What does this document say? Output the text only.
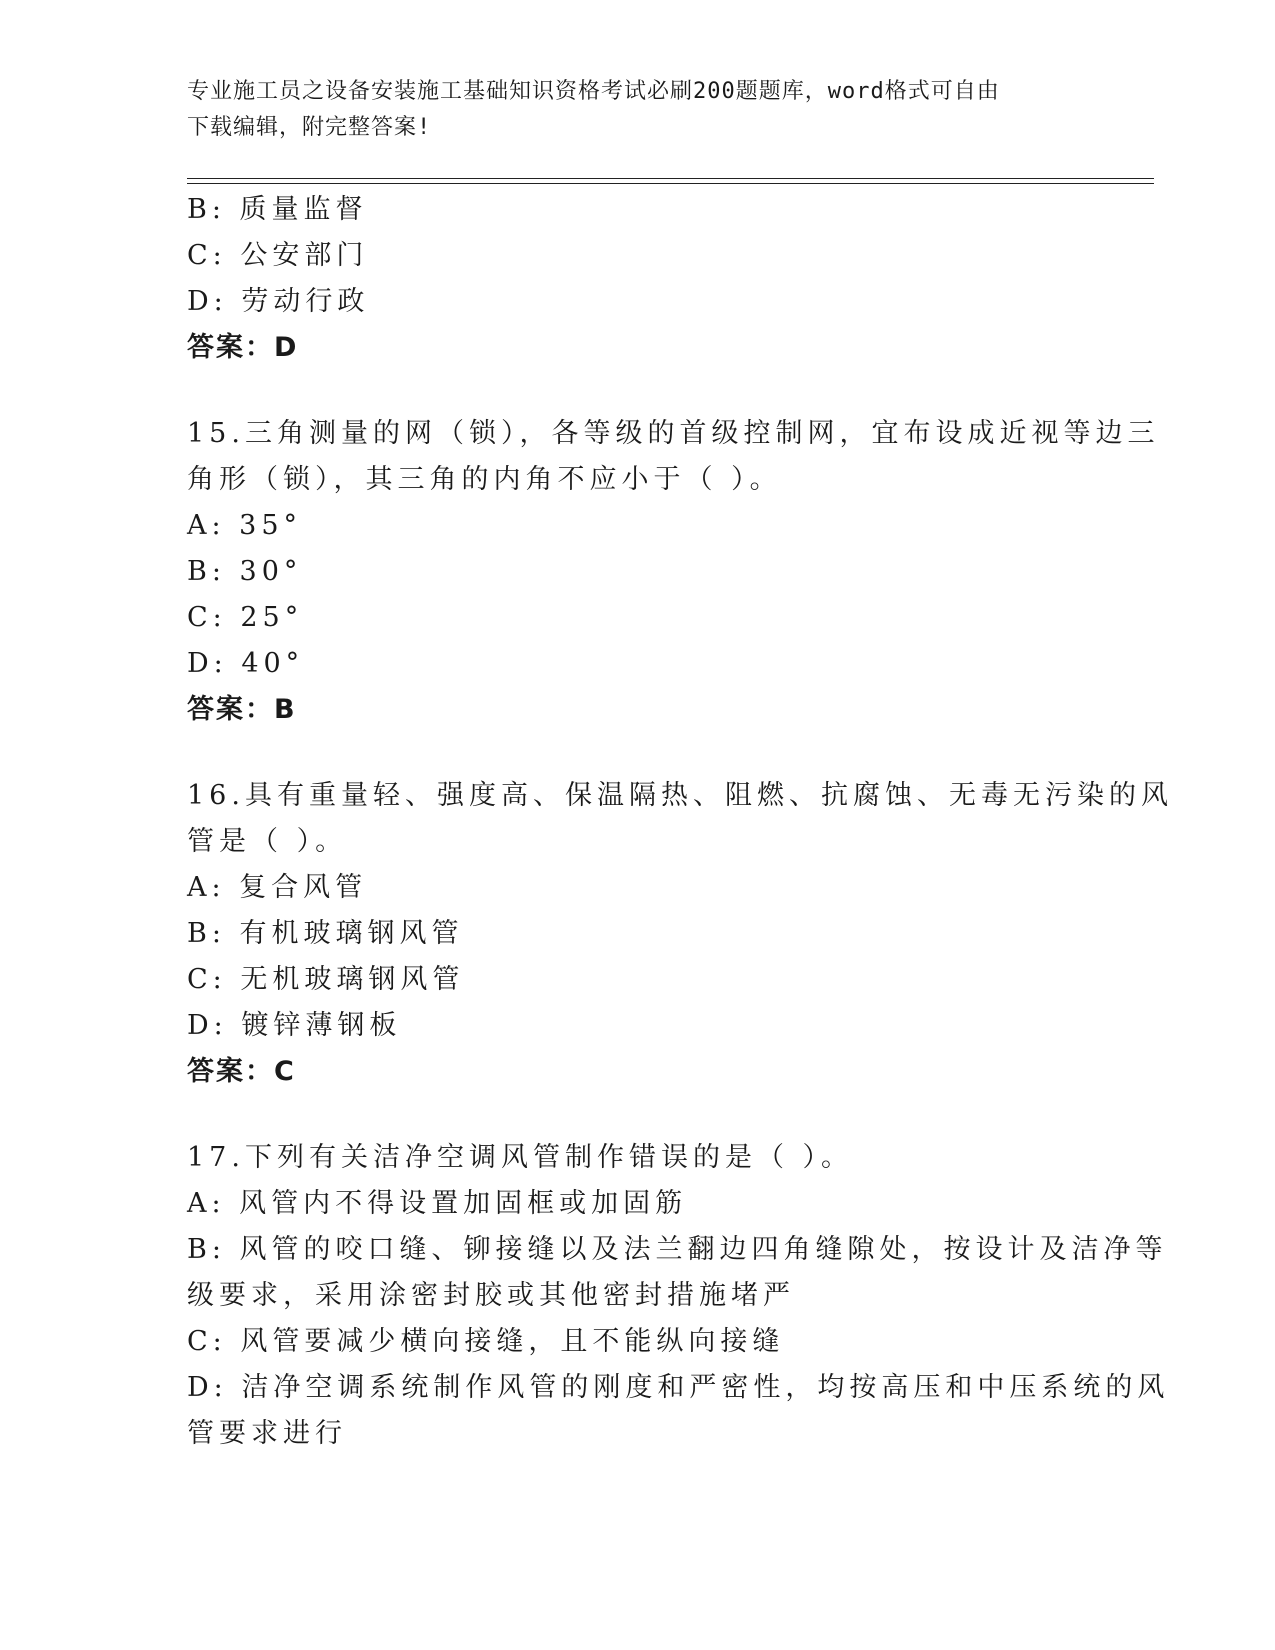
专业施工员之设备安装施工基础知识资格考试必刷200题题库，word格式可自由
下载编辑，附完整答案!
B: 质量监督
C: 公安部门
D: 劳动行政
答案：D
15.三角测量的网（锁），各等级的首级控制网，宜布设成近视等边三
角形（锁），其三角的内角不应小于（ ）。
A: 35°
B: 30°
C: 25°
D: 40°
答案：B
16.具有重量轻、强度高、保温隔热、阻燃、抗腐蚀、无毒无污染的风
管是（ ）。
A: 复合风管
B: 有机玻璃钢风管
C: 无机玻璃钢风管
D: 镀锌薄钢板
答案：C
17.下列有关洁净空调风管制作错误的是（ ）。
A: 风管内不得设置加固框或加固筋
B: 风管的咬口缝、铆接缝以及法兰翻边四角缝隙处，按设计及洁净等
级要求，采用涂密封胶或其他密封措施堵严
C: 风管要减少横向接缝，且不能纵向接缝
D: 洁净空调系统制作风管的刚度和严密性，均按高压和中压系统的风
管要求进行
